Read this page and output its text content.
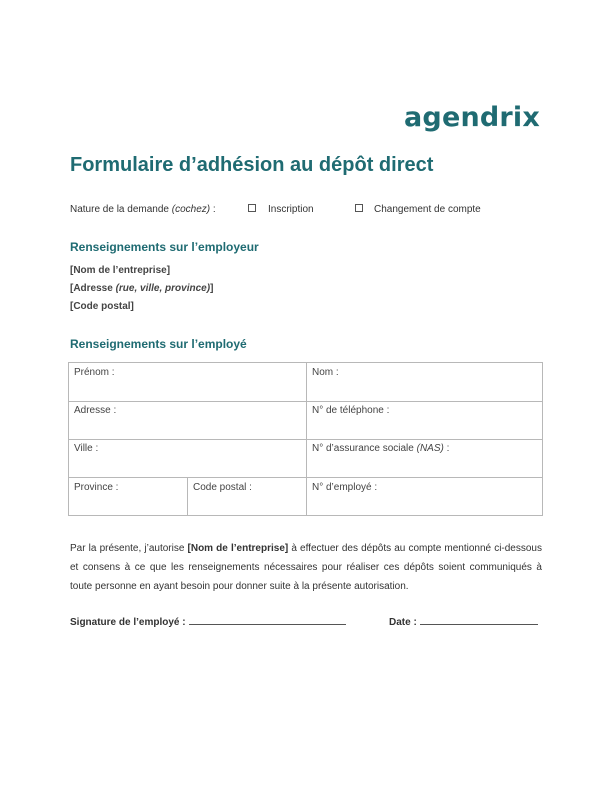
agendrix
Formulaire d’adhésion au dépôt direct
Nature de la demande (cochez) :	Inscription	Changement de compte
Renseignements sur l’employeur
[Nom de l’entreprise]
[Adresse (rue, ville, province)]
[Code postal]
Renseignements sur l’employé
Prénom :	Nom :
Adresse :	N° de téléphone :
Ville :	N° d’assurance sociale (NAS) :
Province :	Code postal :	N° d’employé :
Par la présente, j’autorise [Nom de l’entreprise] à effectuer des dépôts au compte mentionné ci-dessous et consens à ce que les renseignements nécessaires pour réaliser ces dépôts soient communiqués à toute personne en ayant besoin pour donner suite à la présente autorisation.
Signature de l’employé :	Date :
